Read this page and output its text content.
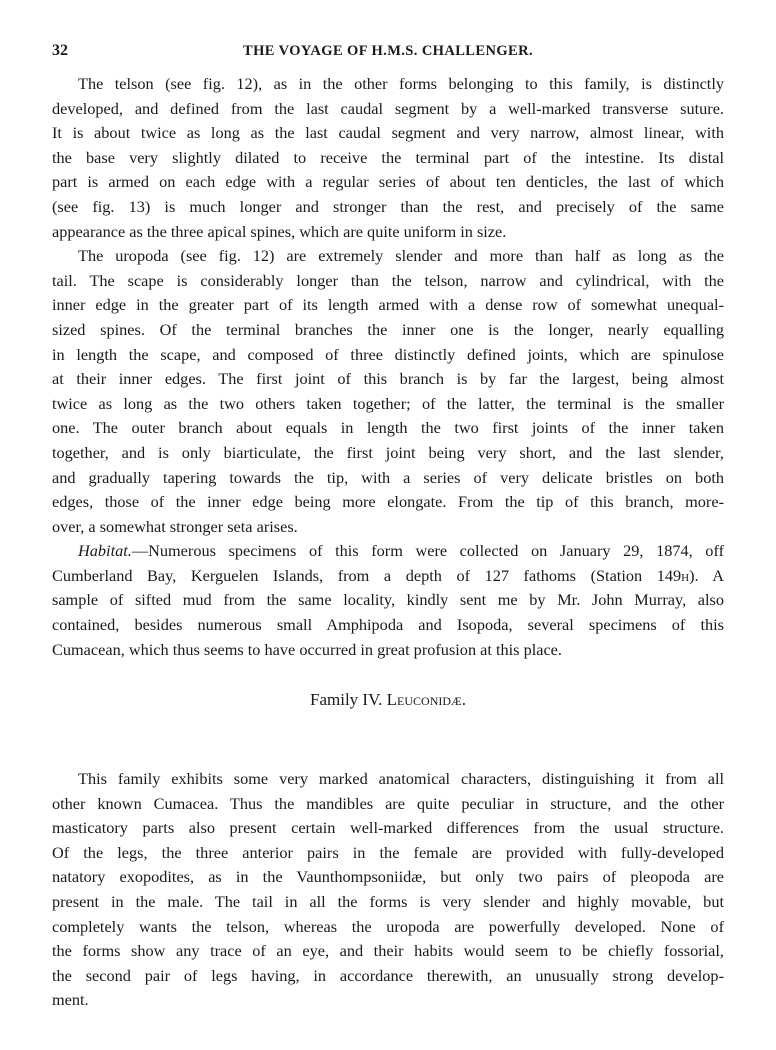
32	THE VOYAGE OF H.M.S. CHALLENGER.
The telson (see fig. 12), as in the other forms belonging to this family, is distinctly
developed, and defined from the last caudal segment by a well-marked transverse suture.
It is about twice as long as the last caudal segment and very narrow, almost linear, with
the base very slightly dilated to receive the terminal part of the intestine. Its distal
part is armed on each edge with a regular series of about ten denticles, the last of which
(see fig. 13) is much longer and stronger than the rest, and precisely of the same
appearance as the three apical spines, which are quite uniform in size.
The uropoda (see fig. 12) are extremely slender and more than half as long as the
tail. The scape is considerably longer than the telson, narrow and cylindrical, with the
inner edge in the greater part of its length armed with a dense row of somewhat unequal-
sized spines. Of the terminal branches the inner one is the longer, nearly equalling
in length the scape, and composed of three distinctly defined joints, which are spinulose
at their inner edges. The first joint of this branch is by far the largest, being almost
twice as long as the two others taken together; of the latter, the terminal is the smaller
one. The outer branch about equals in length the two first joints of the inner taken
together, and is only biarticulate, the first joint being very short, and the last slender,
and gradually tapering towards the tip, with a series of very delicate bristles on both
edges, those of the inner edge being more elongate. From the tip of this branch, more-
over, a somewhat stronger seta arises.
Habitat.—Numerous specimens of this form were collected on January 29, 1874, off
Cumberland Bay, Kerguelen Islands, from a depth of 127 fathoms (Station 149h). A
sample of sifted mud from the same locality, kindly sent me by Mr. John Murray, also
contained, besides numerous small Amphipoda and Isopoda, several specimens of this
Cumacean, which thus seems to have occurred in great profusion at this place.
Family IV. Leuconidæ.
This family exhibits some very marked anatomical characters, distinguishing it from all
other known Cumacea. Thus the mandibles are quite peculiar in structure, and the other
masticatory parts also present certain well-marked differences from the usual structure.
Of the legs, the three anterior pairs in the female are provided with fully-developed
natatory exopodites, as in the Vaunthompsoniidæ, but only two pairs of pleopoda are
present in the male. The tail in all the forms is very slender and highly movable, but
completely wants the telson, whereas the uropoda are powerfully developed. None of
the forms show any trace of an eye, and their habits would seem to be chiefly fossorial,
the second pair of legs having, in accordance therewith, an unusually strong develop-
ment.
